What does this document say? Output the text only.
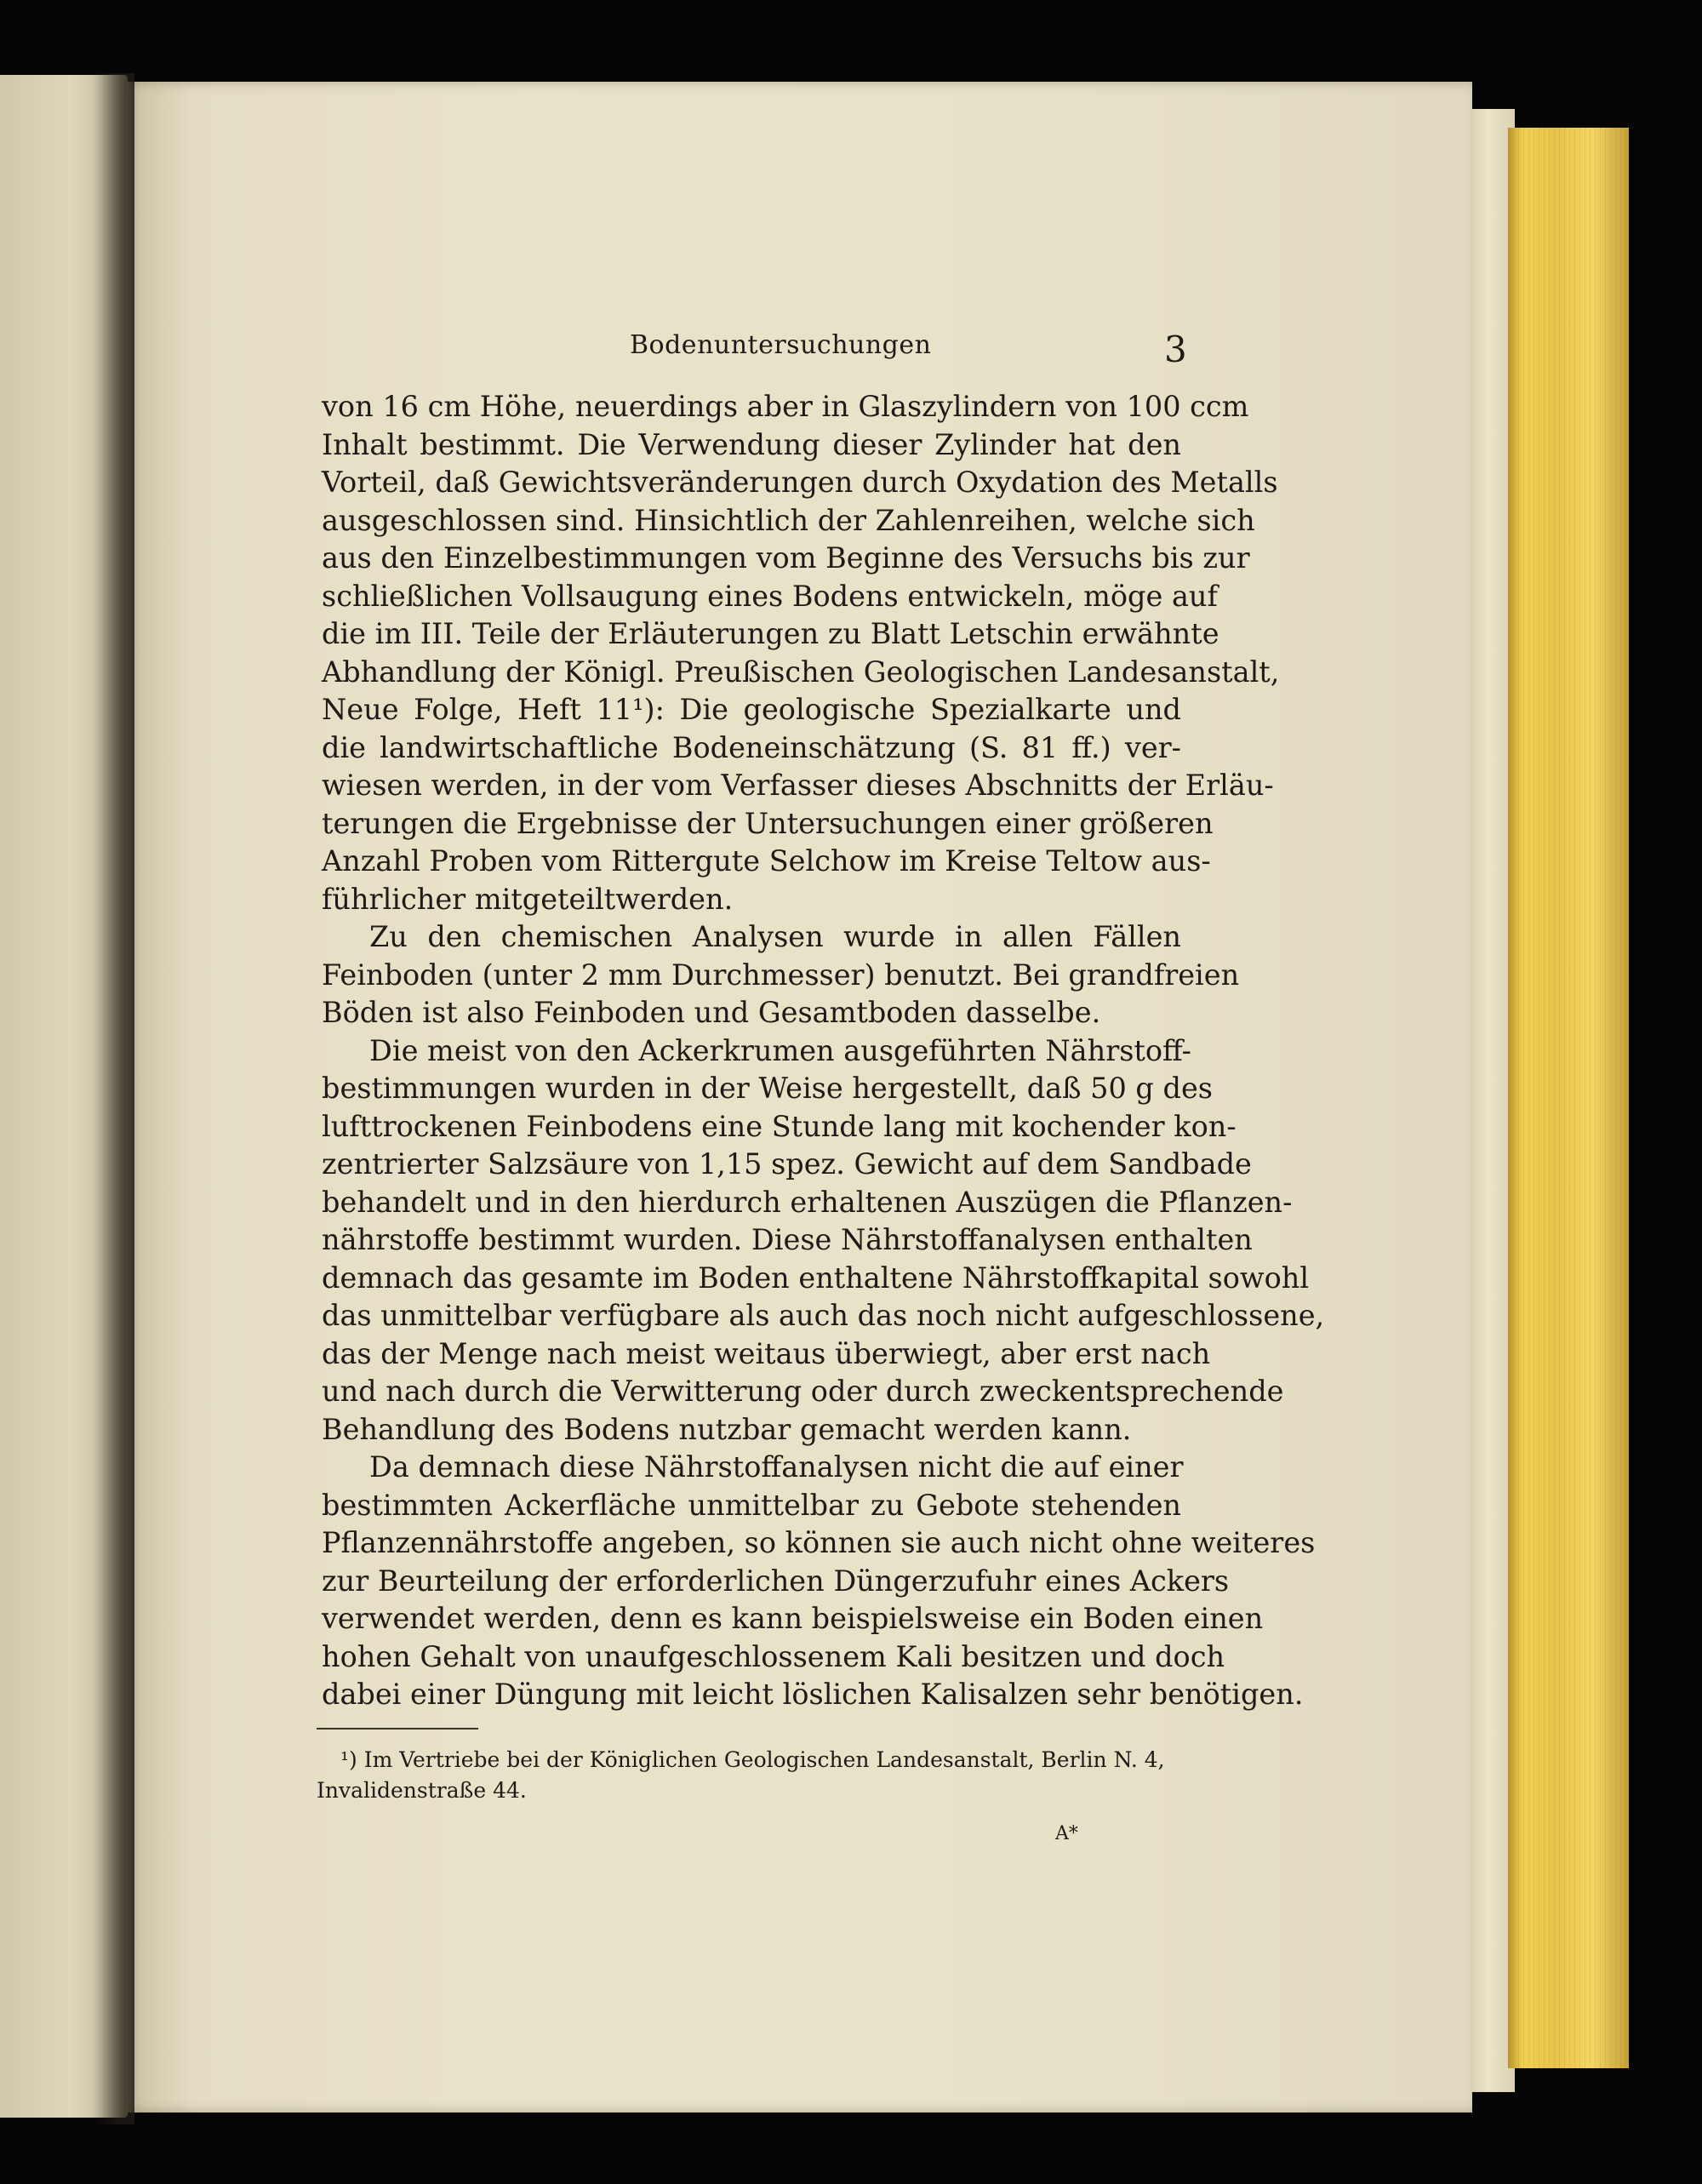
Bodenuntersuchungen	3
von 16 cm Höhe, neuerdings aber in Glaszylindern von 100 ccm
Inhalt bestimmt. Die Verwendung dieser Zylinder hat den
Vorteil, daß Gewichtsveränderungen durch Oxydation des Metalls
ausgeschlossen sind. Hinsichtlich der Zahlenreihen, welche sich
aus den Einzelbestimmungen vom Beginne des Versuchs bis zur
schließlichen Vollsaugung eines Bodens entwickeln, möge auf
die im III. Teile der Erläuterungen zu Blatt Letschin erwähnte
Abhandlung der Königl. Preußischen Geologischen Landesanstalt,
Neue Folge, Heft 11¹): Die geologische Spezialkarte und
die landwirtschaftliche Bodeneinschätzung (S. 81 ff.) ver-
wiesen werden, in der vom Verfasser dieses Abschnitts der Erläu-
terungen die Ergebnisse der Untersuchungen einer größeren
Anzahl Proben vom Rittergute Selchow im Kreise Teltow aus-
führlicher mitgeteiltwerden.
Zu den chemischen Analysen wurde in allen Fällen
Feinboden (unter 2 mm Durchmesser) benutzt. Bei grandfreien
Böden ist also Feinboden und Gesamtboden dasselbe.
Die meist von den Ackerkrumen ausgeführten Nährstoff-
bestimmungen wurden in der Weise hergestellt, daß 50 g des
lufttrockenen Feinbodens eine Stunde lang mit kochender kon-
zentrierter Salzsäure von 1,15 spez. Gewicht auf dem Sandbade
behandelt und in den hierdurch erhaltenen Auszügen die Pflanzen-
nährstoffe bestimmt wurden. Diese Nährstoffanalysen enthalten
demnach das gesamte im Boden enthaltene Nährstoffkapital sowohl
das unmittelbar verfügbare als auch das noch nicht aufgeschlossene,
das der Menge nach meist weitaus überwiegt, aber erst nach
und nach durch die Verwitterung oder durch zweckentsprechende
Behandlung des Bodens nutzbar gemacht werden kann.
Da demnach diese Nährstoffanalysen nicht die auf einer
bestimmten Ackerfläche unmittelbar zu Gebote stehenden
Pflanzennährstoffe angeben, so können sie auch nicht ohne weiteres
zur Beurteilung der erforderlichen Düngerzufuhr eines Ackers
verwendet werden, denn es kann beispielsweise ein Boden einen
hohen Gehalt von unaufgeschlossenem Kali besitzen und doch
dabei einer Düngung mit leicht löslichen Kalisalzen sehr benötigen.
¹) Im Vertriebe bei der Königlichen Geologischen Landesanstalt, Berlin N. 4,
Invalidenstraße 44.
A*
